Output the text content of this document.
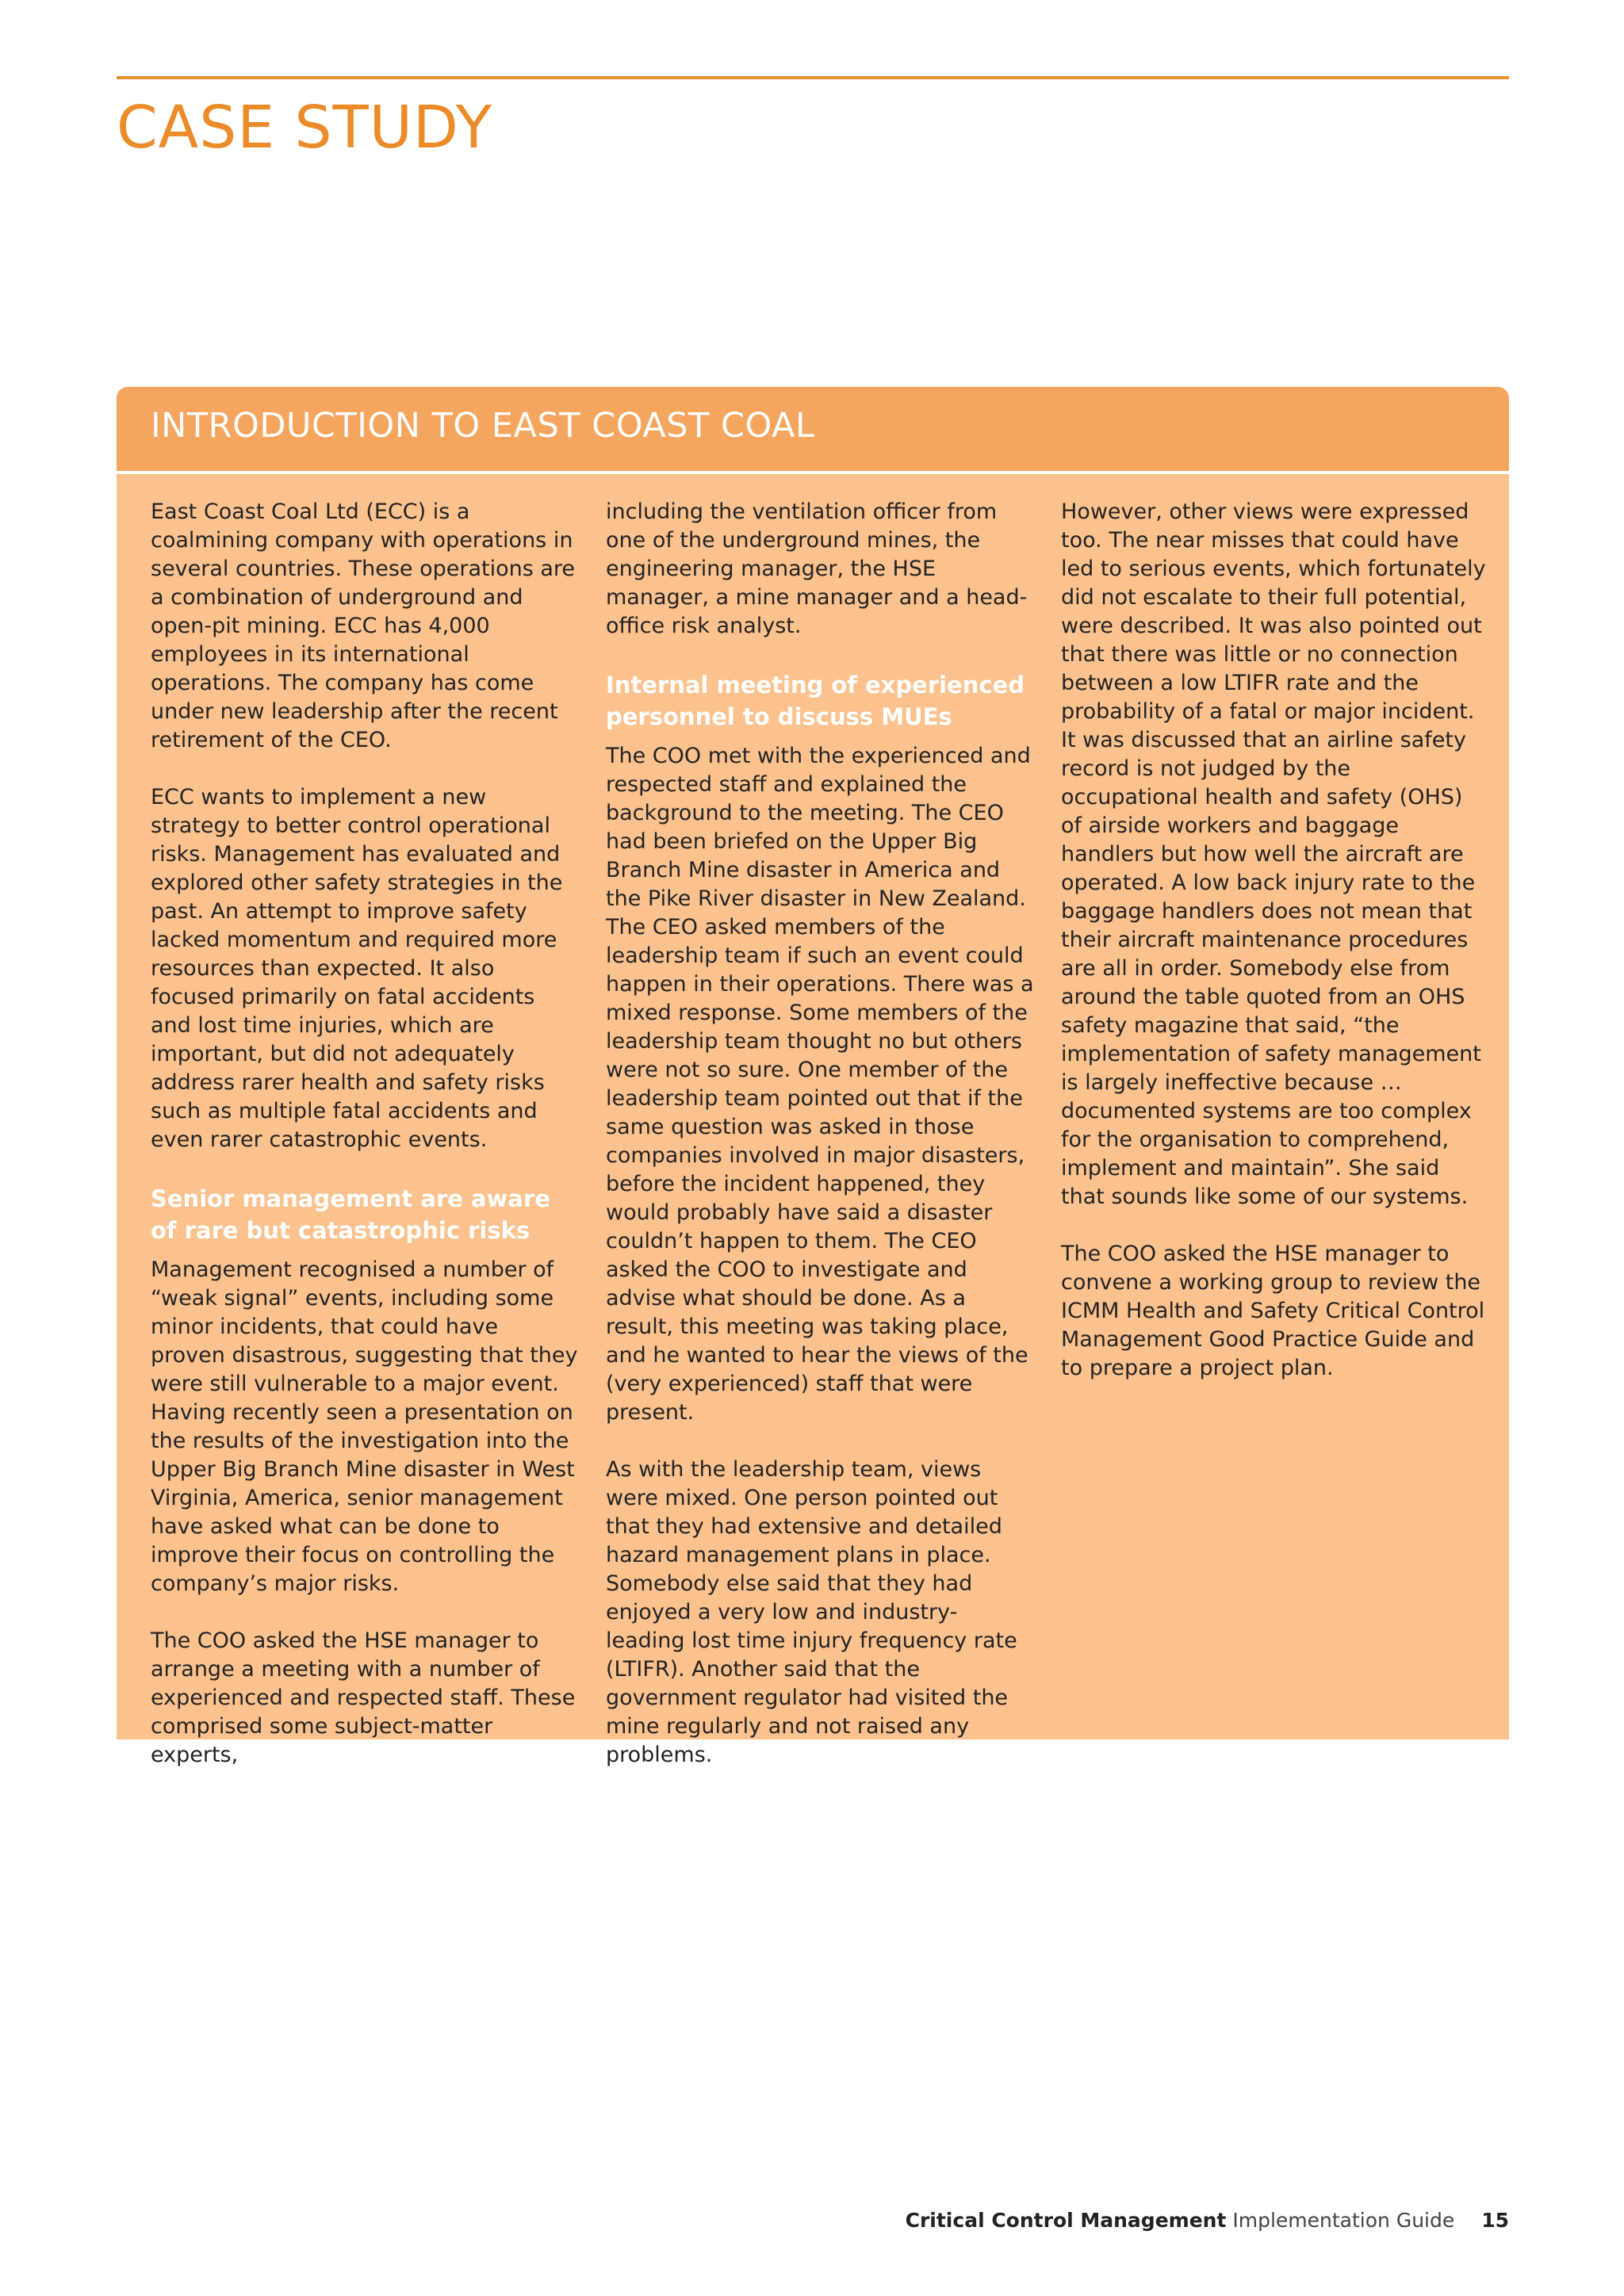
CASE STUDY
INTRODUCTION TO EAST COAST COAL

East Coast Coal Ltd (ECC) is a coalmining company with operations in several countries. These operations are a combination of underground and open-pit mining. ECC has 4,000 employees in its international operations. The company has come under new leadership after the recent retirement of the CEO.

ECC wants to implement a new strategy to better control operational risks. Management has evaluated and explored other safety strategies in the past. An attempt to improve safety lacked momentum and required more resources than expected. It also focused primarily on fatal accidents and lost time injuries, which are important, but did not adequately address rarer health and safety risks such as multiple fatal accidents and even rarer catastrophic events.

Senior management are aware of rare but catastrophic risks

Management recognised a number of “weak signal” events, including some minor incidents, that could have proven disastrous, suggesting that they were still vulnerable to a major event. Having recently seen a presentation on the results of the investigation into the Upper Big Branch Mine disaster in West Virginia, America, senior management have asked what can be done to improve their focus on controlling the company’s major risks.

The COO asked the HSE manager to arrange a meeting with a number of experienced and respected staff. These comprised some subject-matter experts,

including the ventilation officer from one of the underground mines, the engineering manager, the HSE manager, a mine manager and a head-office risk analyst.

Internal meeting of experienced personnel to discuss MUEs

The COO met with the experienced and respected staff and explained the background to the meeting. The CEO had been briefed on the Upper Big Branch Mine disaster in America and the Pike River disaster in New Zealand. The CEO asked members of the leadership team if such an event could happen in their operations. There was a mixed response. Some members of the leadership team thought no but others were not so sure. One member of the leadership team pointed out that if the same question was asked in those companies involved in major disasters, before the incident happened, they would probably have said a disaster couldn’t happen to them. The CEO asked the COO to investigate and advise what should be done. As a result, this meeting was taking place, and he wanted to hear the views of the (very experienced) staff that were present.

As with the leadership team, views were mixed. One person pointed out that they had extensive and detailed hazard management plans in place. Somebody else said that they had enjoyed a very low and industry-leading lost time injury frequency rate (LTIFR). Another said that the government regulator had visited the mine regularly and not raised any problems.

However, other views were expressed too. The near misses that could have led to serious events, which fortunately did not escalate to their full potential, were described. It was also pointed out that there was little or no connection between a low LTIFR rate and the probability of a fatal or major incident. It was discussed that an airline safety record is not judged by the occupational health and safety (OHS) of airside workers and baggage handlers but how well the aircraft are operated. A low back injury rate to the baggage handlers does not mean that their aircraft maintenance procedures are all in order. Somebody else from around the table quoted from an OHS safety magazine that said, “the implementation of safety management is largely ineffective because … documented systems are too complex for the organisation to comprehend, implement and maintain”. She said that sounds like some of our systems.

The COO asked the HSE manager to convene a working group to review the ICMM Health and Safety Critical Control Management Good Practice Guide and to prepare a project plan.

Critical Control Management Implementation Guide 15
